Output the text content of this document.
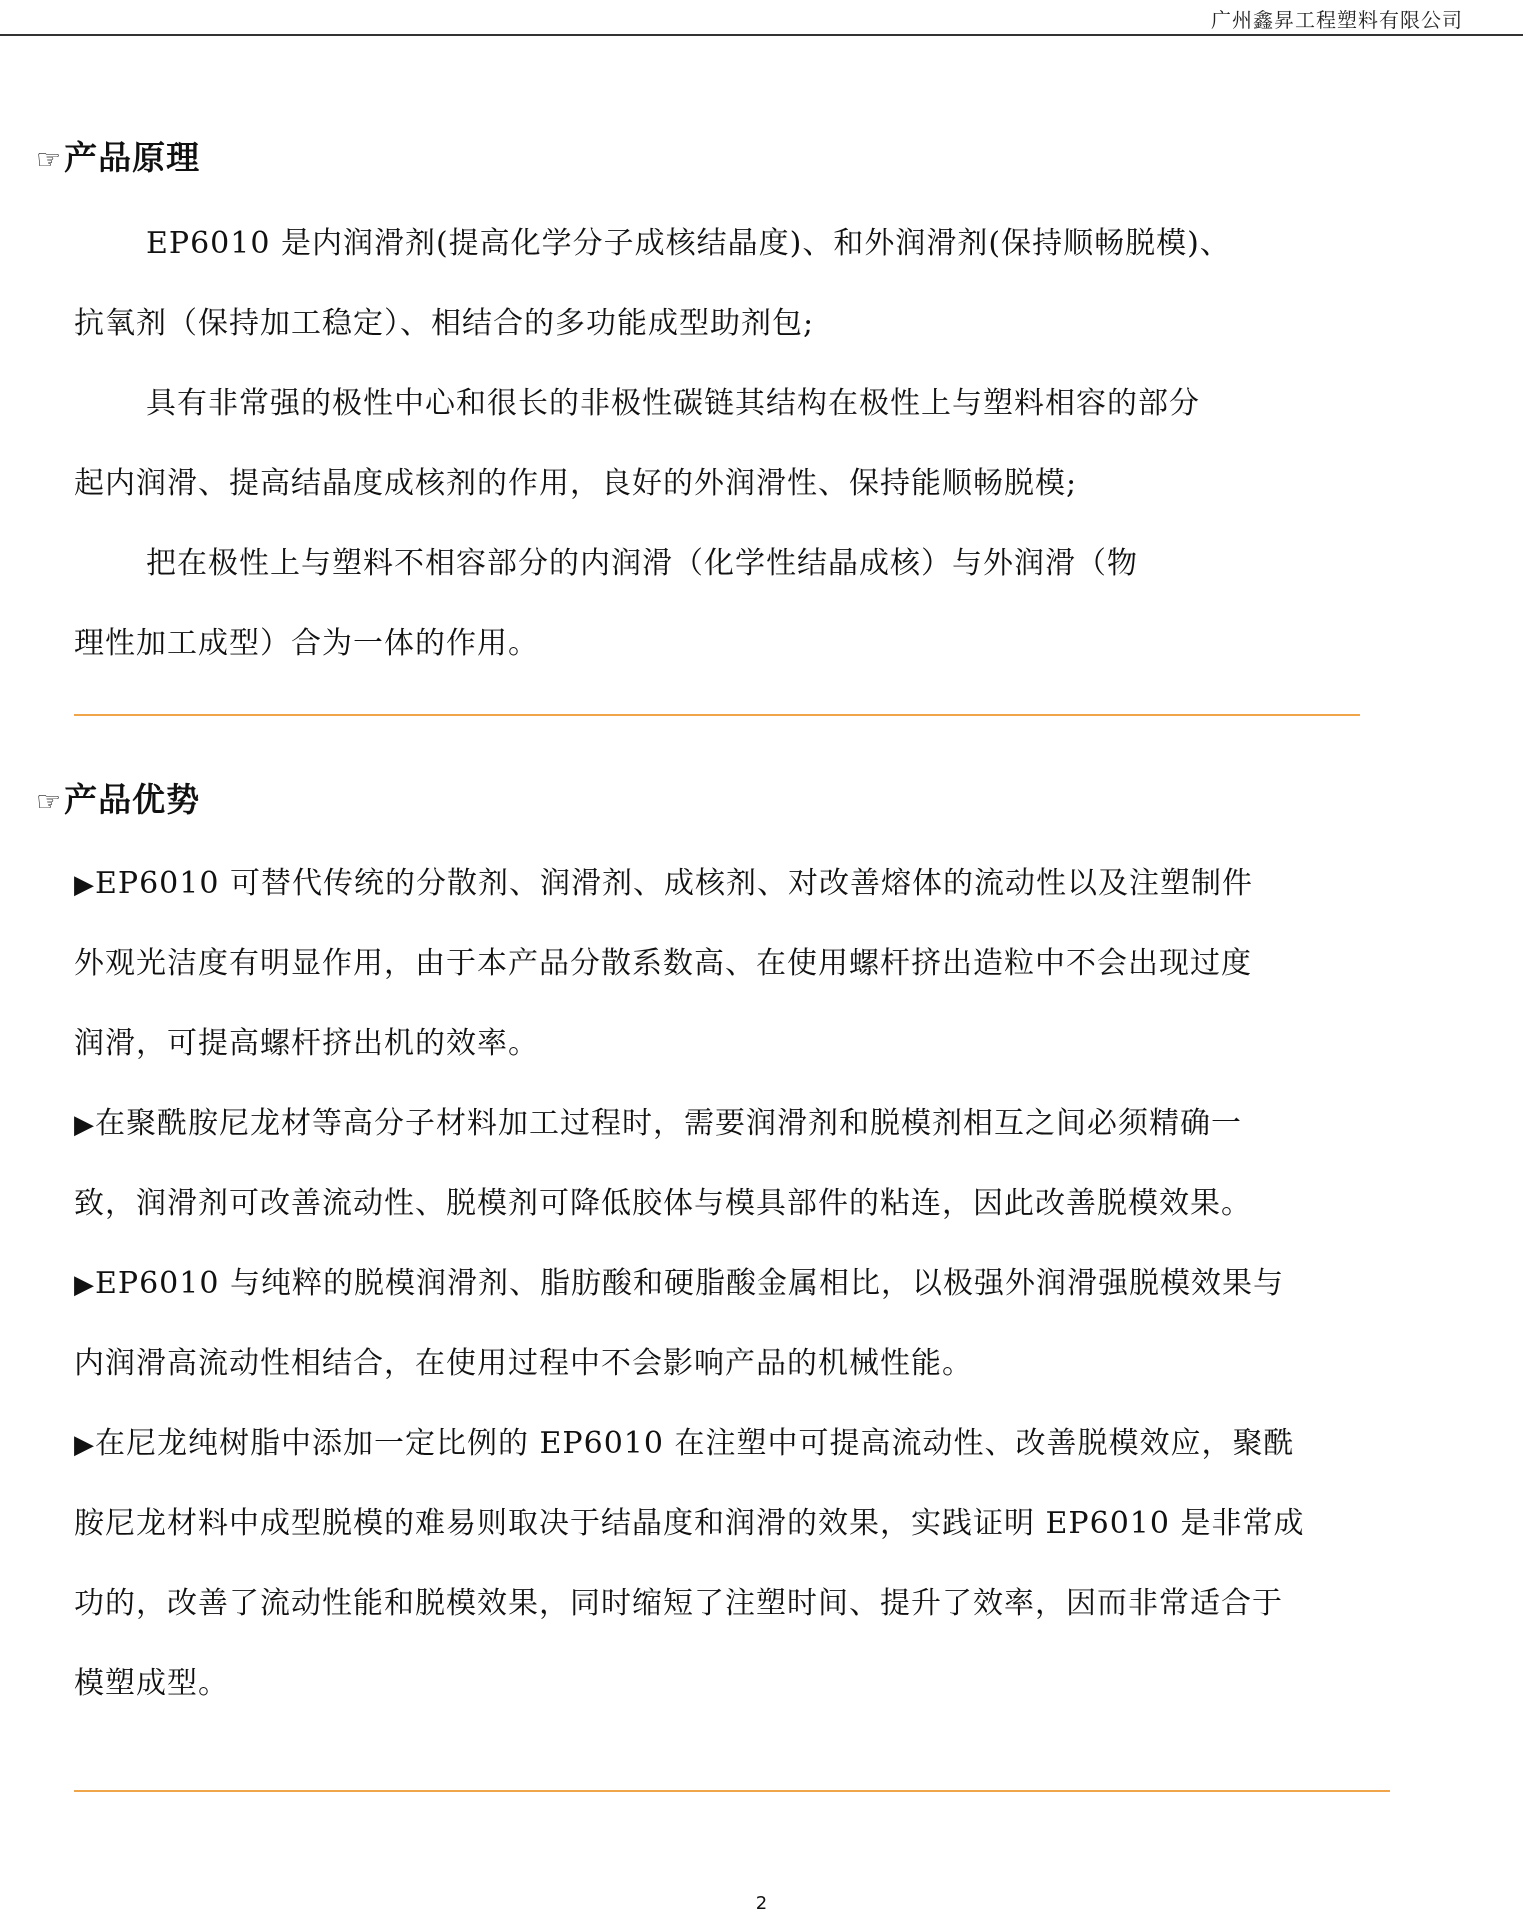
广州鑫昇工程塑料有限公司
☞产品原理
EP6010 是内润滑剂(提高化学分子成核结晶度)、和外润滑剂(保持顺畅脱模)、
抗氧剂（保持加工稳定）、相结合的多功能成型助剂包;
具有非常强的极性中心和很长的非极性碳链其结构在极性上与塑料相容的部分
起内润滑、提高结晶度成核剂的作用，良好的外润滑性、保持能顺畅脱模;
把在极性上与塑料不相容部分的内润滑（化学性结晶成核）与外润滑（物
理性加工成型）合为一体的作用。
☞产品优势
▶EP6010 可替代传统的分散剂、润滑剂、成核剂、对改善熔体的流动性以及注塑制件
外观光洁度有明显作用，由于本产品分散系数高、在使用螺杆挤出造粒中不会出现过度
润滑，可提高螺杆挤出机的效率。
▶在聚酰胺尼龙材等高分子材料加工过程时，需要润滑剂和脱模剂相互之间必须精确一
致，润滑剂可改善流动性、脱模剂可降低胶体与模具部件的粘连，因此改善脱模效果。
▶EP6010 与纯粹的脱模润滑剂、脂肪酸和硬脂酸金属相比，以极强外润滑强脱模效果与
内润滑高流动性相结合，在使用过程中不会影响产品的机械性能。
▶在尼龙纯树脂中添加一定比例的 EP6010 在注塑中可提高流动性、改善脱模效应，聚酰
胺尼龙材料中成型脱模的难易则取决于结晶度和润滑的效果，实践证明 EP6010 是非常成
功的，改善了流动性能和脱模效果，同时缩短了注塑时间、提升了效率，因而非常适合于
模塑成型。
2
